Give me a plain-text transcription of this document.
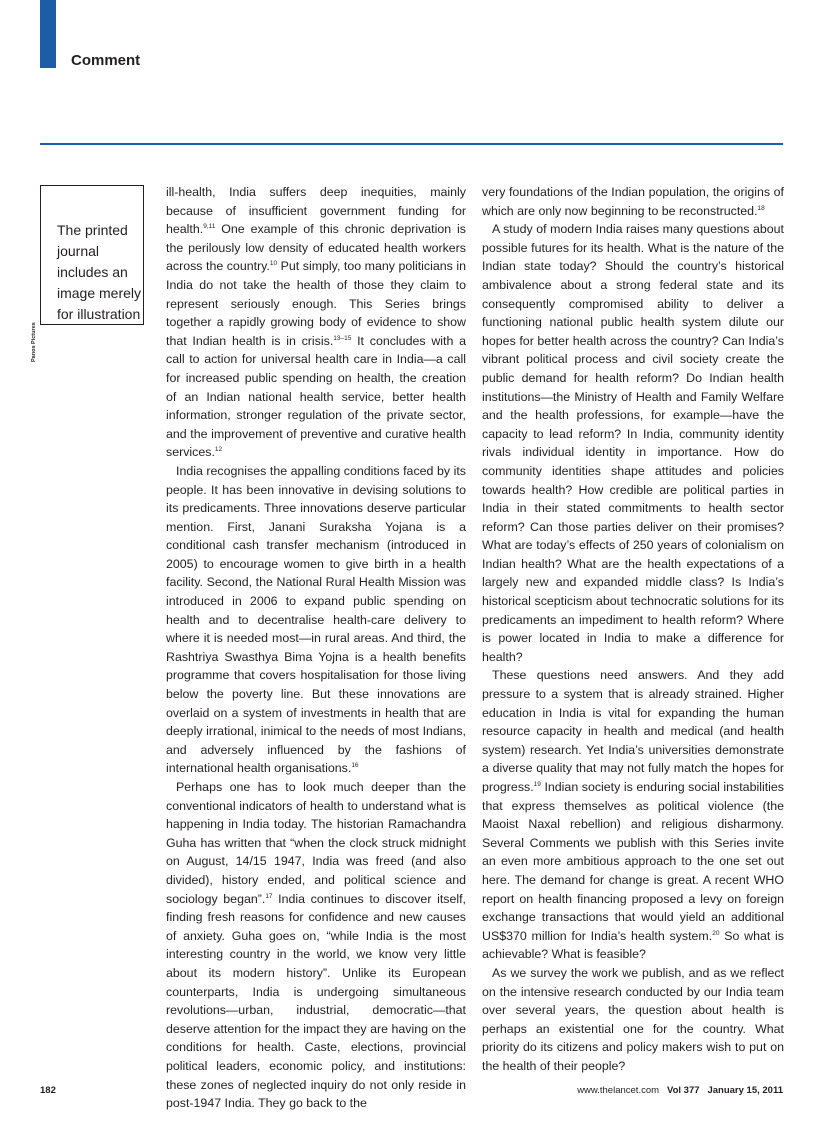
Comment
The printed journal includes an image merely for illustration
Panos Pictures

ill-health, India suffers deep inequities, mainly because of insufficient government funding for health.$^{9,11}$ One example of this chronic deprivation is the perilously low density of educated health workers across the country.$^{10}$ Put simply, too many politicians in India do not take the health of those they claim to represent seriously enough. This Series brings together a rapidly growing body of evidence to show that Indian health is in crisis.$^{13-15}$ It concludes with a call to action for universal health care in India—a call for increased public spending on health, the creation of an Indian national health service, better health information, stronger regulation of the private sector, and the improvement of preventive and curative health services.$^{12}$

India recognises the appalling conditions faced by its people. It has been innovative in devising solutions to its predicaments. Three innovations deserve particular mention. First, Janani Suraksha Yojana is a conditional cash transfer mechanism (introduced in 2005) to encourage women to give birth in a health facility. Second, the National Rural Health Mission was introduced in 2006 to expand public spending on health and to decentralise health-care delivery to where it is needed most—in rural areas. And third, the Rashtriya Swasthya Bima Yojna is a health benefits programme that covers hospitalisation for those living below the poverty line. But these innovations are overlaid on a system of investments in health that are deeply irrational, inimical to the needs of most Indians, and adversely influenced by the fashions of international health organisations.$^{16}$

Perhaps one has to look much deeper than the conventional indicators of health to understand what is happening in India today. The historian Ramachandra Guha has written that “when the clock struck midnight on August, 14/15 1947, India was freed (and also divided), history ended, and political science and sociology began”.$^{17}$ India continues to discover itself, finding fresh reasons for confidence and new causes of anxiety. Guha goes on, “while India is the most interesting country in the world, we know very little about its modern history”. Unlike its European counterparts, India is undergoing simultaneous revolutions—urban, industrial, democratic—that deserve attention for the impact they are having on the conditions for health. Caste, elections, provincial political leaders, economic policy, and institutions: these zones of neglected inquiry do not only reside in post-1947 India. They go back to the

very foundations of the Indian population, the origins of which are only now beginning to be reconstructed.$^{18}$

A study of modern India raises many questions about possible futures for its health. What is the nature of the Indian state today? Should the country’s historical ambivalence about a strong federal state and its consequently compromised ability to deliver a functioning national public health system dilute our hopes for better health across the country? Can India’s vibrant political process and civil society create the public demand for health reform? Do Indian health institutions—the Ministry of Health and Family Welfare and the health professions, for example—have the capacity to lead reform? In India, community identity rivals individual identity in importance. How do community identities shape attitudes and policies towards health? How credible are political parties in India in their stated commitments to health sector reform? Can those parties deliver on their promises? What are today’s effects of 250 years of colonialism on Indian health? What are the health expectations of a largely new and expanded middle class? Is India’s historical scepticism about technocratic solutions for its predicaments an impediment to health reform? Where is power located in India to make a difference for health?

These questions need answers. And they add pressure to a system that is already strained. Higher education in India is vital for expanding the human resource capacity in health and medical (and health system) research. Yet India’s universities demonstrate a diverse quality that may not fully match the hopes for progress.$^{19}$ Indian society is enduring social instabilities that express themselves as political violence (the Maoist Naxal rebellion) and religious disharmony. Several Comments we publish with this Series invite an even more ambitious approach to the one set out here. The demand for change is great. A recent WHO report on health financing proposed a levy on foreign exchange transactions that would yield an additional US$370 million for India’s health system.$^{20}$ So what is achievable? What is feasible?

As we survey the work we publish, and as we reflect on the intensive research conducted by our India team over several years, the question about health is perhaps an existential one for the country. What priority do its citizens and policy makers wish to put on the health of their people?

182	www.thelancet.com Vol 377 January 15, 2011
